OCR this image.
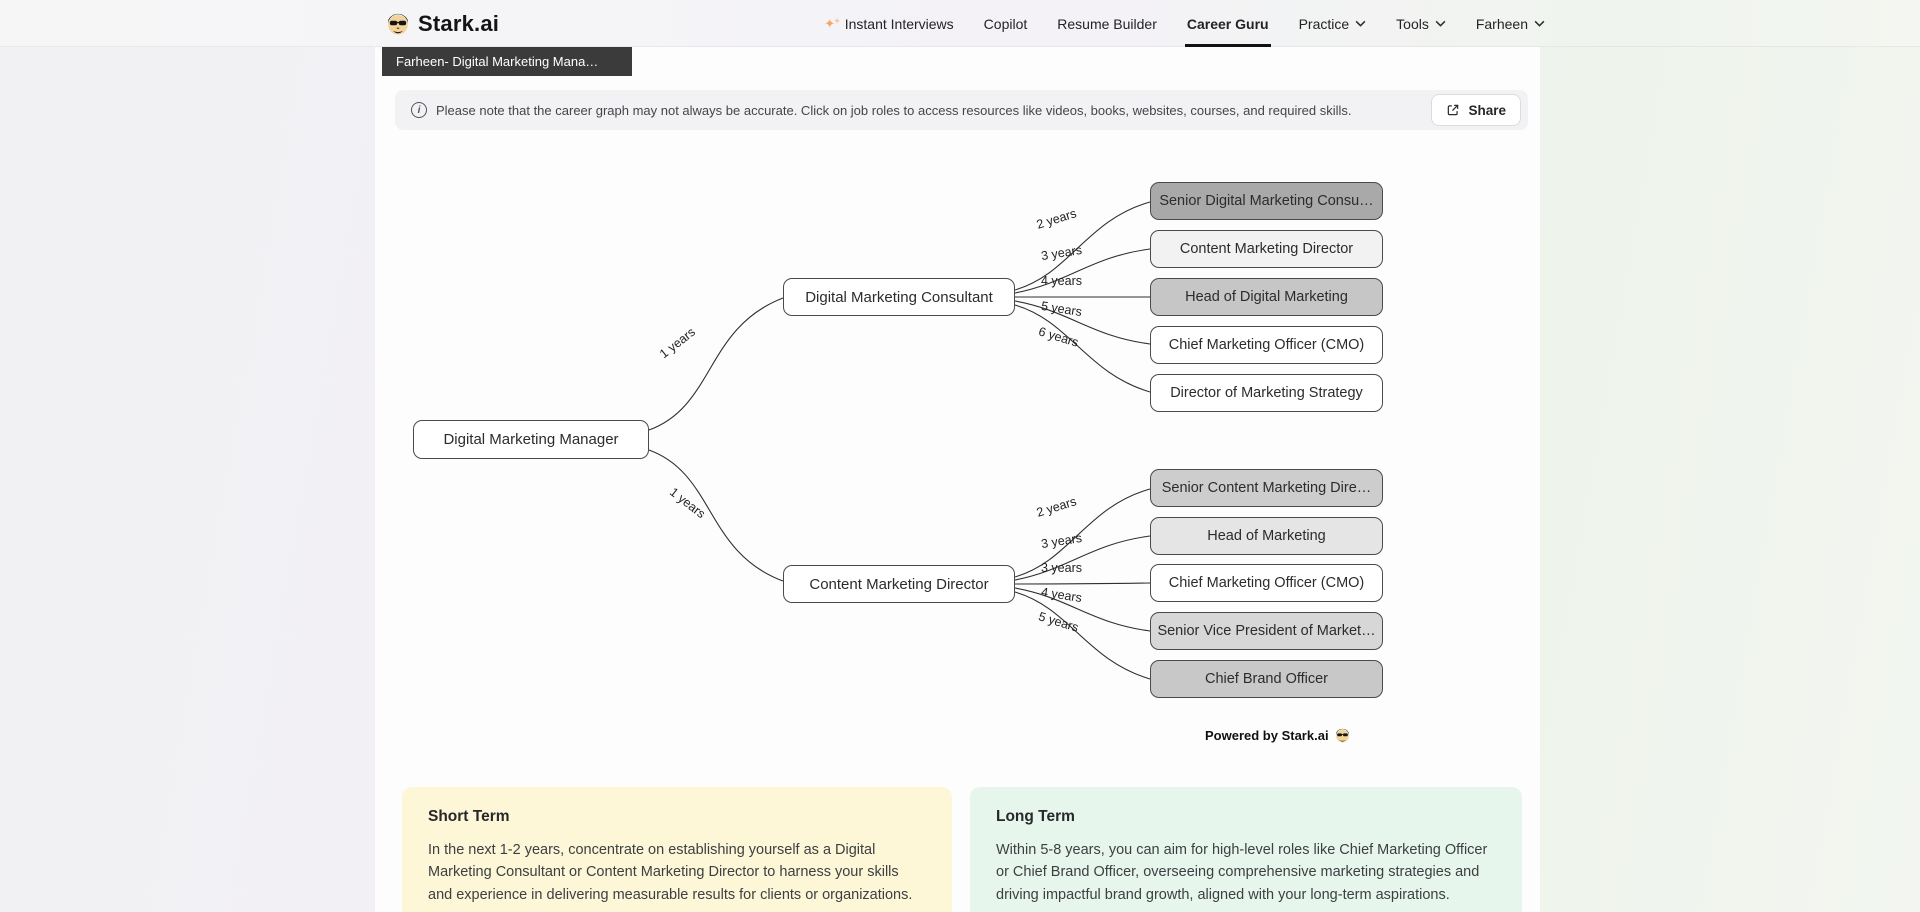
Stark.ai	✦✦ Instant Interviews Copilot Resume Builder Career Guru Practice	Tools	Farheen
Farheen- Digital Marketing Mana…
i	Please note that the career graph may not always be accurate. Click on job roles to access resources like videos, books, websites, courses, and required skills.	Share
1 years
1 years
2 years
3 years
4 years
5 years
6 years
2 years
3 years
3 years
4 years
5 years
Digital Marketing Manager
Digital Marketing Consultant
Content Marketing Director
Senior Digital Marketing Consu…
Content Marketing Director
Head of Digital Marketing
Chief Marketing Officer (CMO)
Director of Marketing Strategy
Senior Content Marketing Dire…
Head of Marketing
Chief Marketing Officer (CMO)
Senior Vice President of Market…
Chief Brand Officer
Powered by Stark.ai
Short Term

In the next 1-2 years, concentrate on establishing yourself as a Digital Marketing Consultant or Content Marketing Director to harness your skills and experience in delivering measurable results for clients or organizations.

Long Term

Within 5-8 years, you can aim for high-level roles like Chief Marketing Officer or Chief Brand Officer, overseeing comprehensive marketing strategies and driving impactful brand growth, aligned with your long-term aspirations.
